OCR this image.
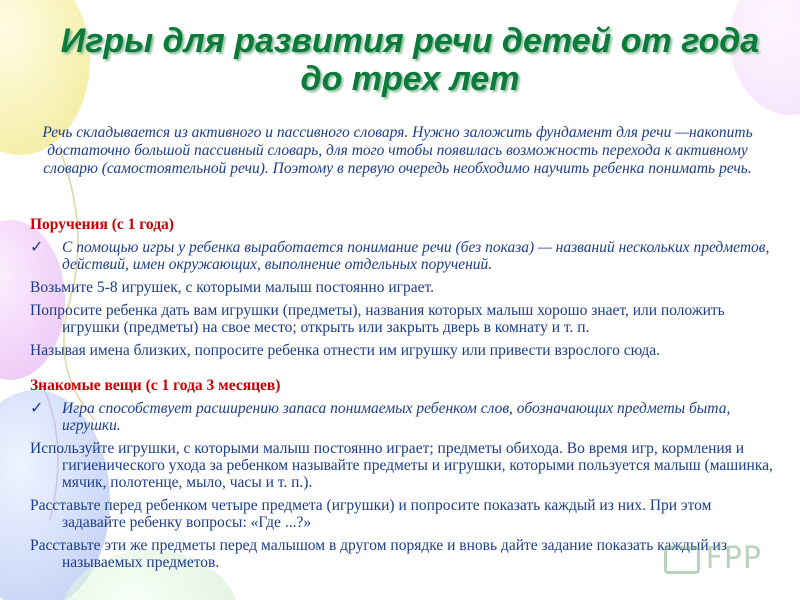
Игры для развития речи детей от года до трех лет
Речь складывается из активного и пассивного словаря. Нужно заложить фундамент для речи —накопить достаточно большой пассивный словарь, для того чтобы появилась возможность перехода к активному словарю (самостоятельной речи). Поэтому в первую очередь необходимо научить ребенка понимать речь.
Поручения (с 1 года)
✓ С помощью игры у ребенка выработается понимание речи (без показа) — названий нескольких предметов, действий, имен окружающих, выполнение отдельных поручений.
Возьмите 5-8 игрушек, с которыми малыш постоянно играет.
Попросите ребенка дать вам игрушки (предметы), названия которых малыш хорошо знает, или положить игрушки (предметы) на свое место; открыть или закрыть дверь в комнату и т. п.
Называя имена близких, попросите ребенка отнести им игрушку или привести взрослого сюда.
Знакомые вещи (с 1 года 3 месяцев)
✓ Игра способствует расширению запаса понимаемых ребенком слов, обозначающих предметы быта, игрушки.
Используйте игрушки, с которыми малыш постоянно играет; предметы обихода. Во время игр, кормления и гигиенического ухода за ребенком называйте предметы и игрушки, которыми пользуется малыш (машинка, мячик, полотенце, мыло, часы и т. п.).
Расставьте перед ребенком четыре предмета (игрушки) и попросите показать каждый из них. При этом задавайте ребенку вопросы: «Где ...?»
Расставьте эти же предметы перед малышом в другом порядке и вновь дайте задание показать каждый из называемых предметов.	FPP
